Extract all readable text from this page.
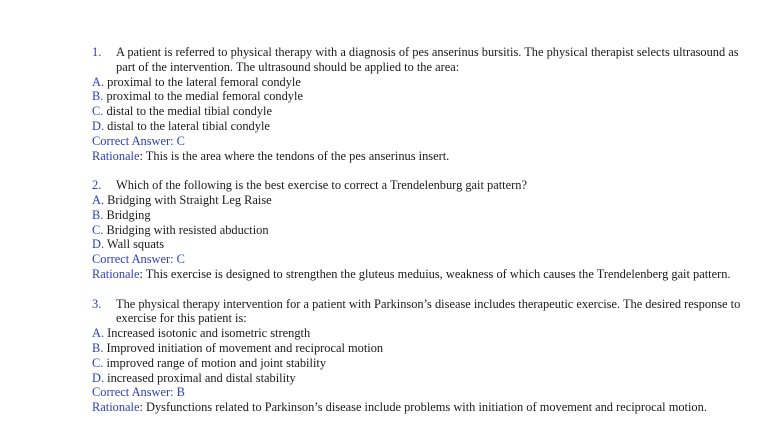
1.	A patient is referred to physical therapy with a diagnosis of pes anserinus bursitis. The physical therapist selects ultrasound as part of the intervention. The ultrasound should be applied to the area:
A. proximal to the lateral femoral condyle
B. proximal to the medial femoral condyle
C. distal to the medial tibial condyle
D. distal to the lateral tibial condyle
Correct Answer: C
Rationale: This is the area where the tendons of the pes anserinus insert.
2.	Which of the following is the best exercise to correct a Trendelenburg gait pattern?
A. Bridging with Straight Leg Raise
B. Bridging
C. Bridging with resisted abduction
D. Wall squats
Correct Answer: C
Rationale: This exercise is designed to strengthen the gluteus meduius, weakness of which causes the Trendelenberg gait pattern.
3.	The physical therapy intervention for a patient with Parkinson’s disease includes therapeutic exercise. The desired response to exercise for this patient is:
A. Increased isotonic and isometric strength
B. Improved initiation of movement and reciprocal motion
C. improved range of motion and joint stability
D. increased proximal and distal stability
Correct Answer: B
Rationale: Dysfunctions related to Parkinson’s disease include problems with initiation of movement and reciprocal motion.
